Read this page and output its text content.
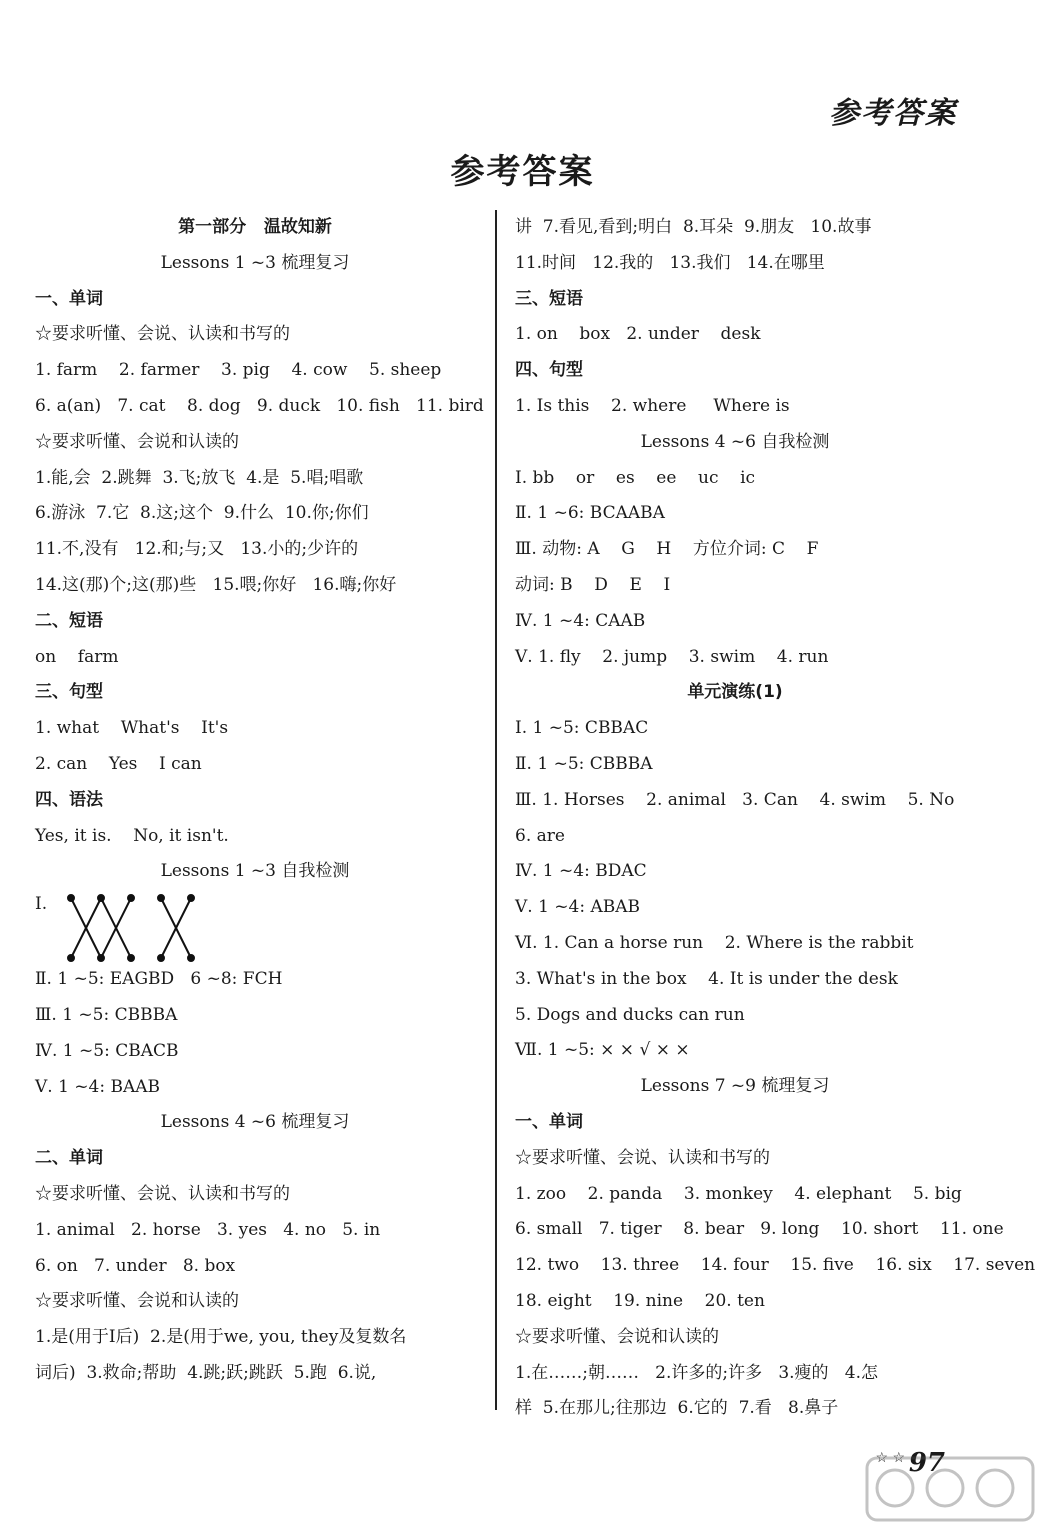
参考答案
参考答案
第一部分   温故知新
Lessons 1 ~3 梳理复习
一、单词
☆要求听懂、会说、认读和书写的
1. farm    2. farmer    3. pig    4. cow    5. sheep
6. a(an)   7. cat    8. dog   9. duck   10. fish   11. bird
☆要求听懂、会说和认读的
1.能,会  2.跳舞  3.飞;放飞  4.是  5.唱;唱歌
6.游泳  7.它  8.这;这个  9.什么  10.你;你们
11.不,没有   12.和;与;又   13.小的;少许的
14.这(那)个;这(那)些   15.喂;你好   16.嗨;你好
二、短语
on    farm
三、句型
1. what    What's    It's
2. can    Yes    I can
四、语法
Yes, it is.    No, it isn't.
Lessons 1 ~3 自我检测
Ⅰ.
Ⅱ. 1 ~5: EAGBD   6 ~8: FCH
Ⅲ. 1 ~5: CBBBA
Ⅳ. 1 ~5: CBACB
Ⅴ. 1 ~4: BAAB
Lessons 4 ~6 梳理复习
二、单词
☆要求听懂、会说、认读和书写的
1. animal   2. horse   3. yes   4. no   5. in
6. on   7. under   8. box
☆要求听懂、会说和认读的
1.是(用于I后)  2.是(用于we, you, they及复数名
词后)  3.救命;帮助  4.跳;跃;跳跃  5.跑  6.说,
讲  7.看见,看到;明白  8.耳朵  9.朋友   10.故事
11.时间   12.我的   13.我们   14.在哪里
三、短语
1. on    box   2. under    desk
四、句型
1. Is this    2. where     Where is
Lessons 4 ~6 自我检测
Ⅰ. bb    or    es    ee    uc    ic
Ⅱ. 1 ~6: BCAABA
Ⅲ. 动物: A    G    H    方位介词: C    F
动词: B    D    E    I
Ⅳ. 1 ~4: CAAB
Ⅴ. 1. fly    2. jump    3. swim    4. run
单元演练(1)
Ⅰ. 1 ~5: CBBAC
Ⅱ. 1 ~5: CBBBA
Ⅲ. 1. Horses    2. animal   3. Can    4. swim    5. No
6. are
Ⅳ. 1 ~4: BDAC
Ⅴ. 1 ~4: ABAB
Ⅵ. 1. Can a horse run    2. Where is the rabbit
3. What's in the box    4. It is under the desk
5. Dogs and ducks can run
Ⅶ. 1 ~5: × × √ × ×
Lessons 7 ~9 梳理复习
一、单词
☆要求听懂、会说、认读和书写的
1. zoo    2. panda    3. monkey    4. elephant    5. big
6. small   7. tiger    8. bear   9. long    10. short    11. one
12. two    13. three    14. four    15. five    16. six    17. seven
18. eight    19. nine    20. ten
☆要求听懂、会说和认读的
1.在……;朝……   2.许多的;许多   3.瘦的   4.怎
样  5.在那儿;往那边  6.它的  7.看   8.鼻子
☆ ☆ 97
